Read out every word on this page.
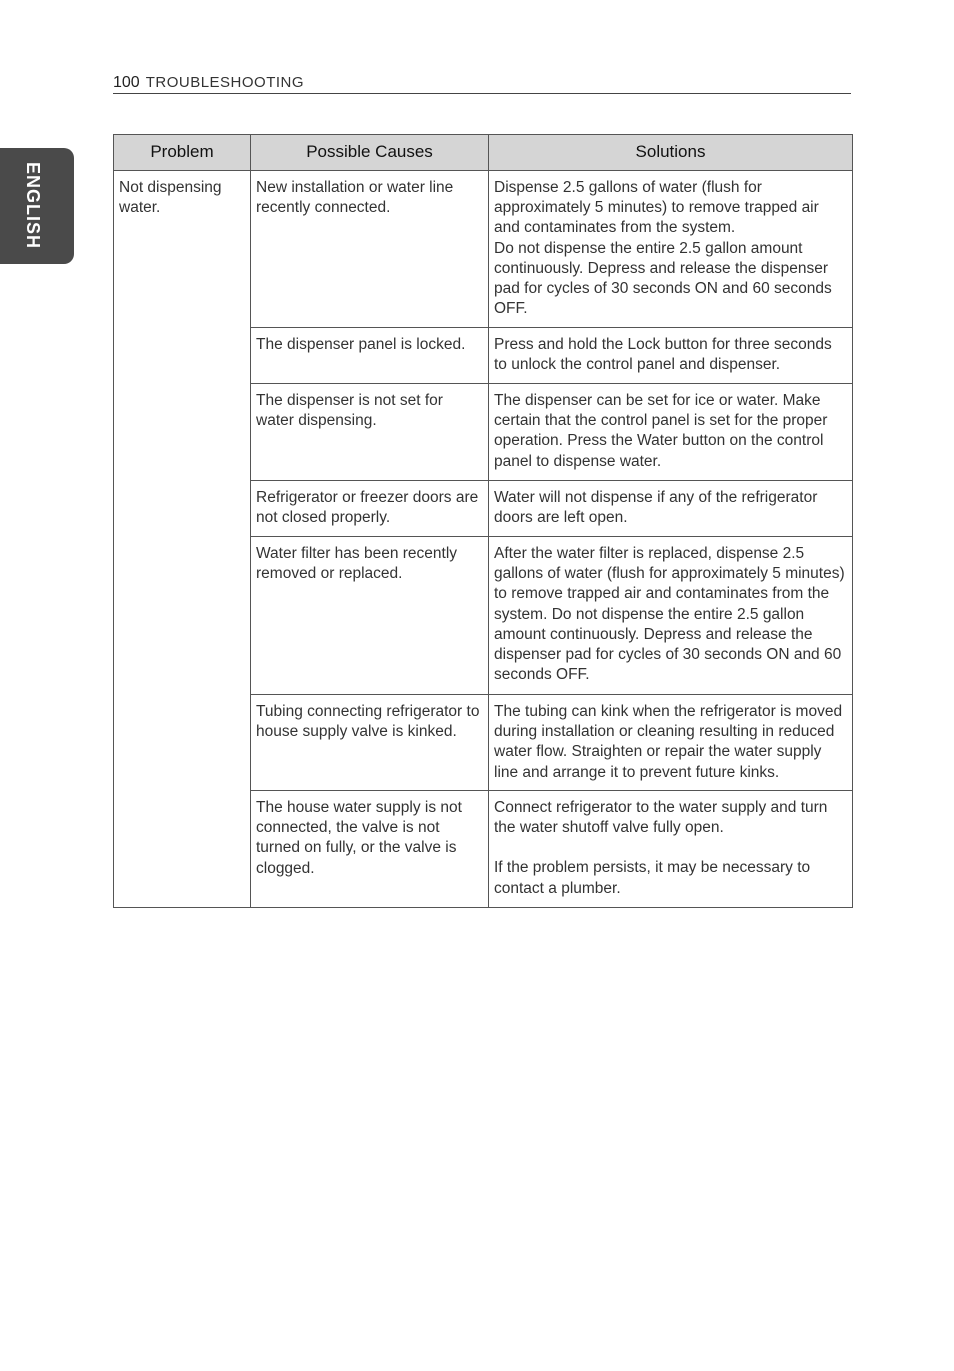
ENGLISH
100 TROUBLESHOOTING
Problem	Possible Causes	Solutions
Not dispensing water.	New installation or water line recently connected.	Dispense 2.5 gallons of water (flush for approximately 5 minutes) to remove trapped air and contaminates from the system.
Do not dispense the entire 2.5 gallon amount continuously. Depress and release the dispenser pad for cycles of 30 seconds ON and 60 seconds OFF.

	The dispenser panel is locked.	Press and hold the Lock button for three seconds to unlock the control panel and dispenser.

	The dispenser is not set for water dispensing.	The dispenser can be set for ice or water. Make certain that the control panel is set for the proper operation. Press the Water button on the control panel to dispense water.

	Refrigerator or freezer doors are not closed properly.	Water will not dispense if any of the refrigerator doors are left open.

	Water filter has been recently removed or replaced.	After the water filter is replaced, dispense 2.5 gallons of water (flush for approximately 5 minutes) to remove trapped air and contaminates from the system. Do not dispense the entire 2.5 gallon amount continuously. Depress and release the dispenser pad for cycles of 30 seconds ON and 60 seconds OFF.

	Tubing connecting refrigerator to house supply valve is kinked.	The tubing can kink when the refrigerator is moved during installation or cleaning resulting in reduced water flow. Straighten or repair the water supply line and arrange it to prevent future kinks.

	The house water supply is not connected, the valve is not turned on fully, or the valve is clogged.	Connect refrigerator to the water supply and turn the water shutoff valve fully open.
If the problem persists, it may be necessary to contact a plumber.
